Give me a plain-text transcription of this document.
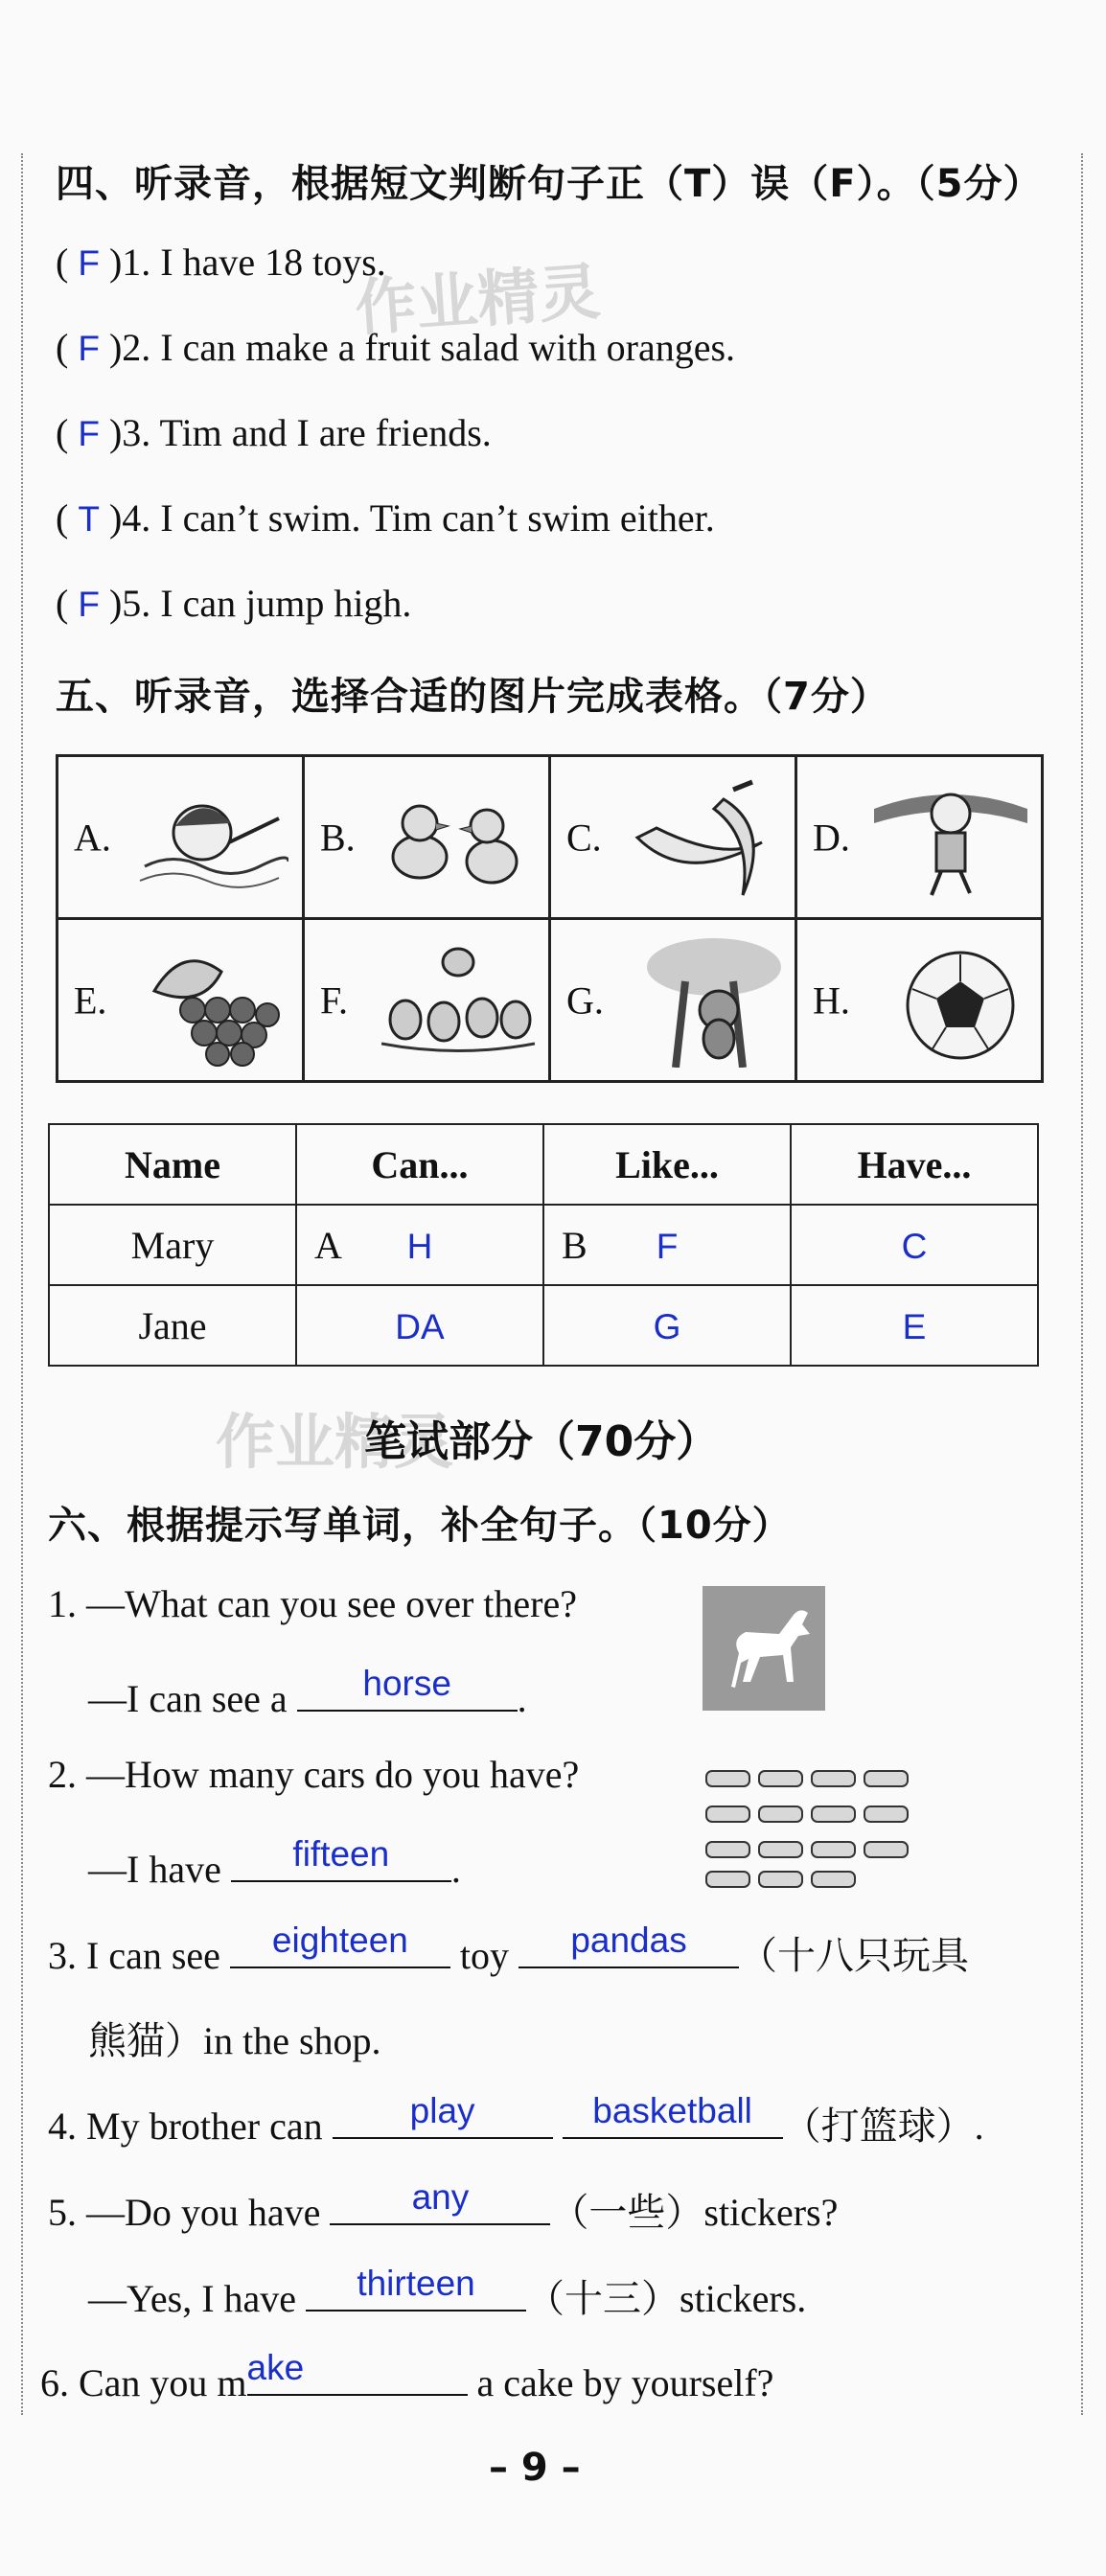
四、听录音，根据短文判断句子正（T）误（F）。（5分）
( F )1. I have 18 toys.
( F )2. I can make a fruit salad with oranges.
( F )3. Tim and I are friends.
( T )4. I can’t swim. Tim can’t swim either.
( F )5. I can jump high.
作业精灵
五、听录音，选择合适的图片完成表格。（7分）
A.	B.	C.	D.

E.	F.	G.	H.
Name	Can...	Like...	Have...
Mary	A H	B F	C
Jane	DA	G	E
作业精灵
笔试部分（70分）
六、根据提示写单词，补全句子。（10分）
1. —What can you see over there?
—I can see a	horse	.
2. —How many cars do you have?
—I have	fifteen	.
3. I can see	eighteen	toy	pandas	（十八只玩具
熊猫）in the shop.
4. My brother can	play
	basketball （打篮球）.
5. —Do you have	any	（一些）stickers?
—Yes, I have	thirteen	（十三）stickers.
6. Can you m ake	a cake by yourself?
– 9 –
